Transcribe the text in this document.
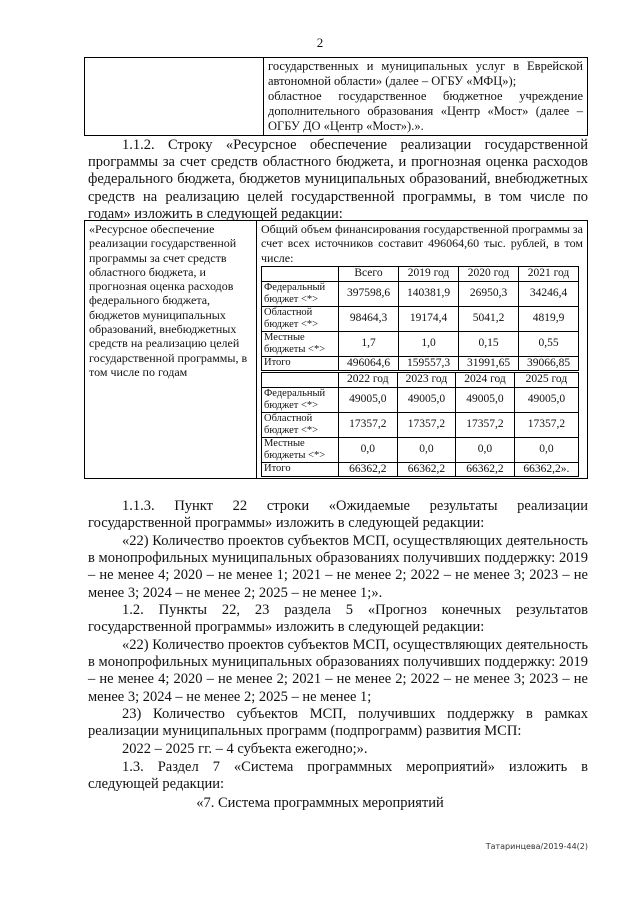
2

государственных и муниципальных услуг в Еврейской автономной области» (далее – ОГБУ «МФЦ»);
областное государственное бюджетное учреждение дополнительного образования «Центр «Мост» (далее – ОГБУ ДО «Центр «Мост»).».

1.1.2. Строку «Ресурсное обеспечение реализации государственной программы за счет средств областного бюджета, и прогнозная оценка расходов федерального бюджета, бюджетов муниципальных образований, внебюджетных средств на реализацию целей государственной программы, в том числе по годам» изложить в следующей редакции:

«Ресурсное обеспечение реализации государственной программы за счет средств областного бюджета, и прогнозная оценка расходов федерального бюджета, бюджетов муниципальных образований, внебюджетных средств на реализацию целей государственной программы, в том числе по годам	
Общий объем финансирования государственной программы за счет всех источников составит 496064,60 тыс. рублей, в том числе:
	Всего	2019 год	2020 год	2021 год
Федеральный бюджет <*>	397598,6	140381,9	26950,3	34246,4
Областной бюджет <*>	98464,3	19174,4	5041,2	4819,9
Местные бюджеты <*>	1,7	1,0	0,15	0,55
Итого	496064,6	159557,3	31991,65	39066,85
	2022 год	2023 год	2024 год	2025 год
Федеральный бюджет <*>	49005,0	49005,0	49005,0	49005,0
Областной бюджет <*>	17357,2	17357,2	17357,2	17357,2
Местные бюджеты <*>	0,0	0,0	0,0	0,0
Итого	66362,2	66362,2	66362,2	66362,2».

1.1.3. Пункт 22 строки «Ожидаемые результаты реализации государственной программы» изложить в следующей редакции:

«22) Количество проектов субъектов МСП, осуществляющих деятельность в монопрофильных муниципальных образованиях получивших поддержку: 2019 – не менее 4; 2020 – не менее 1; 2021 – не менее 2; 2022 – не менее 3; 2023 – не менее 3; 2024 – не менее 2; 2025 – не менее 1;».

1.2. Пункты 22, 23 раздела 5 «Прогноз конечных результатов государственной программы» изложить в следующей редакции:

«22) Количество проектов субъектов МСП, осуществляющих деятельность в монопрофильных муниципальных образованиях получивших поддержку: 2019 – не менее 4; 2020 – не менее 2; 2021 – не менее 2; 2022 – не менее 3; 2023 – не менее 3; 2024 – не менее 2; 2025 – не менее 1;

23) Количество субъектов МСП, получивших поддержку в рамках реализации муниципальных программ (подпрограмм) развития МСП:

2022 – 2025 гг. – 4 субъекта ежегодно;».

1.3. Раздел 7 «Система программных мероприятий» изложить в следующей редакции:

«7. Система программных мероприятий
Татаринцева/2019-44(2)
